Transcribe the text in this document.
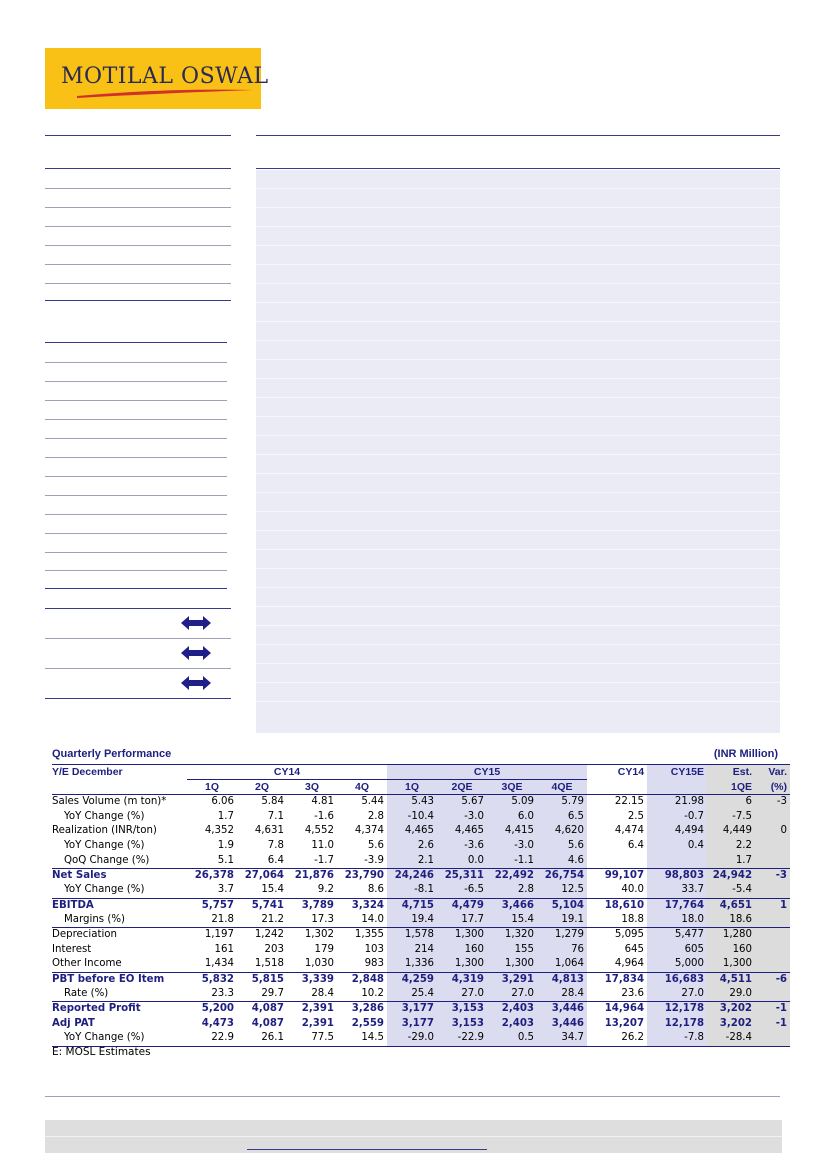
MOTILAL OSWAL
Quarterly Performance	(INR Million)
Y/E December	CY14				CY15				CY14	CY15E	Est.	Var.
	1Q	2Q	3Q	4Q	1Q	2QE	3QE	4QE			1QE	(%)
Sales Volume (m ton)*	6.06	5.84	4.81	5.44	5.43	5.67	5.09	5.79	22.15	21.98	6	-3
YoY Change (%)	1.7	7.1	-1.6	2.8	-10.4	-3.0	6.0	6.5	2.5	-0.7	-7.5	
Realization (INR/ton)	4,352	4,631	4,552	4,374	4,465	4,465	4,415	4,620	4,474	4,494	4,449	0
YoY Change (%)	1.9	7.8	11.0	5.6	2.6	-3.6	-3.0	5.6	6.4	0.4	2.2	
QoQ Change (%)	5.1	6.4	-1.7	-3.9	2.1	0.0	-1.1	4.6			1.7	
Net Sales	26,378	27,064	21,876	23,790	24,246	25,311	22,492	26,754	99,107	98,803	24,942	-3
YoY Change (%)	3.7	15.4	9.2	8.6	-8.1	-6.5	2.8	12.5	40.0	33.7	-5.4	
EBITDA	5,757	5,741	3,789	3,324	4,715	4,479	3,466	5,104	18,610	17,764	4,651	1
Margins (%)	21.8	21.2	17.3	14.0	19.4	17.7	15.4	19.1	18.8	18.0	18.6	
Depreciation	1,197	1,242	1,302	1,355	1,578	1,300	1,320	1,279	5,095	5,477	1,280	
Interest	161	203	179	103	214	160	155	76	645	605	160	
Other Income	1,434	1,518	1,030	983	1,336	1,300	1,300	1,064	4,964	5,000	1,300	
PBT before EO Item	5,832	5,815	3,339	2,848	4,259	4,319	3,291	4,813	17,834	16,683	4,511	-6
Rate (%)	23.3	29.7	28.4	10.2	25.4	27.0	27.0	28.4	23.6	27.0	29.0	
Reported Profit	5,200	4,087	2,391	3,286	3,177	3,153	2,403	3,446	14,964	12,178	3,202	-1
Adj PAT	4,473	4,087	2,391	2,559	3,177	3,153	2,403	3,446	13,207	12,178	3,202	-1
YoY Change (%)	22.9	26.1	77.5	14.5	-29.0	-22.9	0.5	34.7	26.2	-7.8	-28.4	
E: MOSL Estimates
